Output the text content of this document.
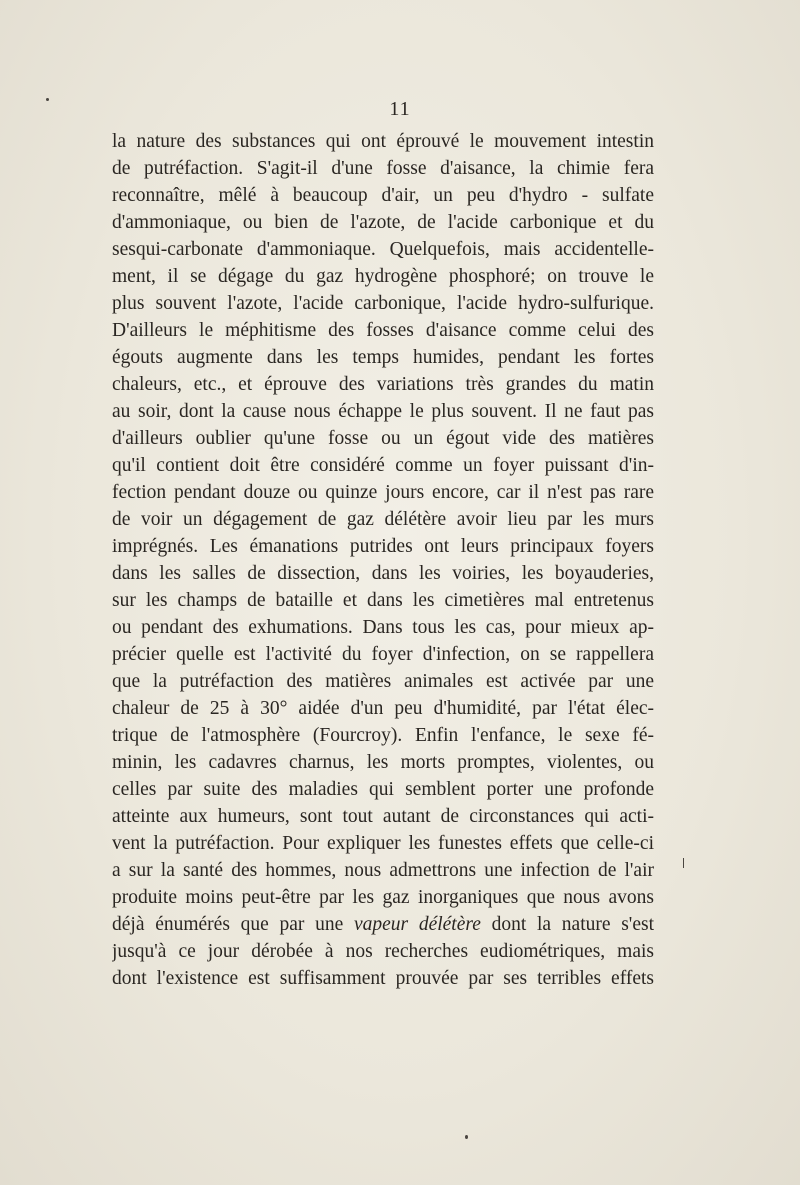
11
la nature des substances qui ont éprouvé le mouvement intestin
de putréfaction. S'agit-il d'une fosse d'aisance, la chimie fera
reconnaître, mêlé à beaucoup d'air, un peu d'hydro - sulfate
d'ammoniaque, ou bien de l'azote, de l'acide carbonique et du
sesqui-carbonate d'ammoniaque. Quelquefois, mais accidentelle-
ment, il se dégage du gaz hydrogène phosphoré; on trouve le
plus souvent l'azote, l'acide carbonique, l'acide hydro-sulfurique.
D'ailleurs le méphitisme des fosses d'aisance comme celui des
égouts augmente dans les temps humides, pendant les fortes
chaleurs, etc., et éprouve des variations très grandes du matin
au soir, dont la cause nous échappe le plus souvent. Il ne faut pas
d'ailleurs oublier qu'une fosse ou un égout vide des matières
qu'il contient doit être considéré comme un foyer puissant d'in-
fection pendant douze ou quinze jours encore, car il n'est pas rare
de voir un dégagement de gaz délétère avoir lieu par les murs
imprégnés. Les émanations putrides ont leurs principaux foyers
dans les salles de dissection, dans les voiries, les boyauderies,
sur les champs de bataille et dans les cimetières mal entretenus
ou pendant des exhumations. Dans tous les cas, pour mieux ap-
précier quelle est l'activité du foyer d'infection, on se rappellera
que la putréfaction des matières animales est activée par une
chaleur de 25 à 30° aidée d'un peu d'humidité, par l'état élec-
trique de l'atmosphère (Fourcroy). Enfin l'enfance, le sexe fé-
minin, les cadavres charnus, les morts promptes, violentes, ou
celles par suite des maladies qui semblent porter une profonde
atteinte aux humeurs, sont tout autant de circonstances qui acti-
vent la putréfaction. Pour expliquer les funestes effets que celle-ci
a sur la santé des hommes, nous admettrons une infection de l'air
produite moins peut-être par les gaz inorganiques que nous avons
déjà énumérés que par une vapeur délétère dont la nature s'est
jusqu'à ce jour dérobée à nos recherches eudiométriques, mais
dont l'existence est suffisamment prouvée par ses terribles effets
